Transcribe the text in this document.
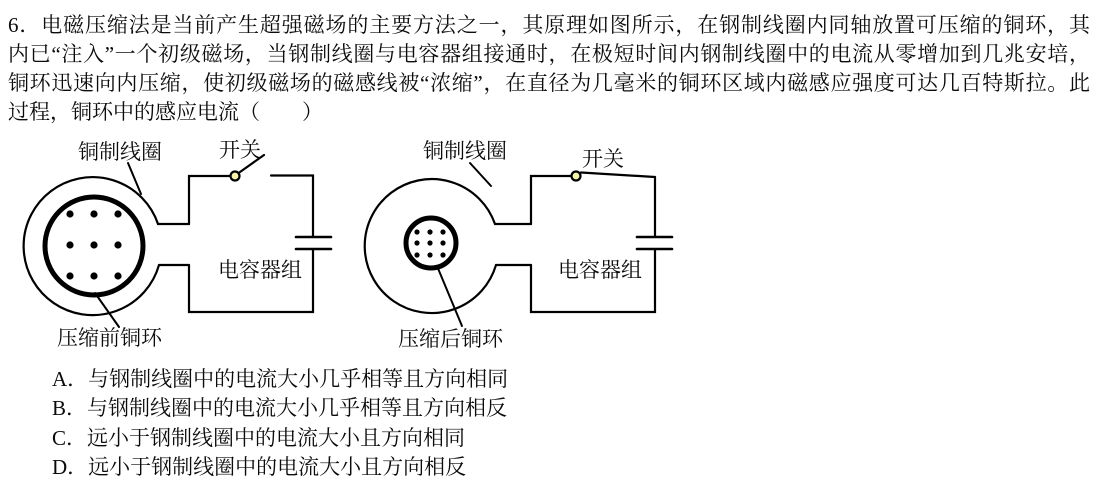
6．电磁压缩法是当前产生超强磁场的主要方法之一，其原理如图所示，在钢制线圈内同轴放置可压缩的铜环，其
内已“注入”一个初级磁场，当钢制线圈与电容器组接通时，在极短时间内钢制线圈中的电流从零增加到几兆安培，
铜环迅速向内压缩，使初级磁场的磁感线被“浓缩”，在直径为几毫米的铜环区域内磁感应强度可达几百特斯拉。此
过程，铜环中的感应电流（　　）
铜制线圈	开关
电容器组
压缩前铜环
铜制线圈	开关
电容器组
压缩后铜环
A．与钢制线圈中的电流大小几乎相等且方向相同
B．与钢制线圈中的电流大小几乎相等且方向相反
C．远小于钢制线圈中的电流大小且方向相同
D．远小于钢制线圈中的电流大小且方向相反
